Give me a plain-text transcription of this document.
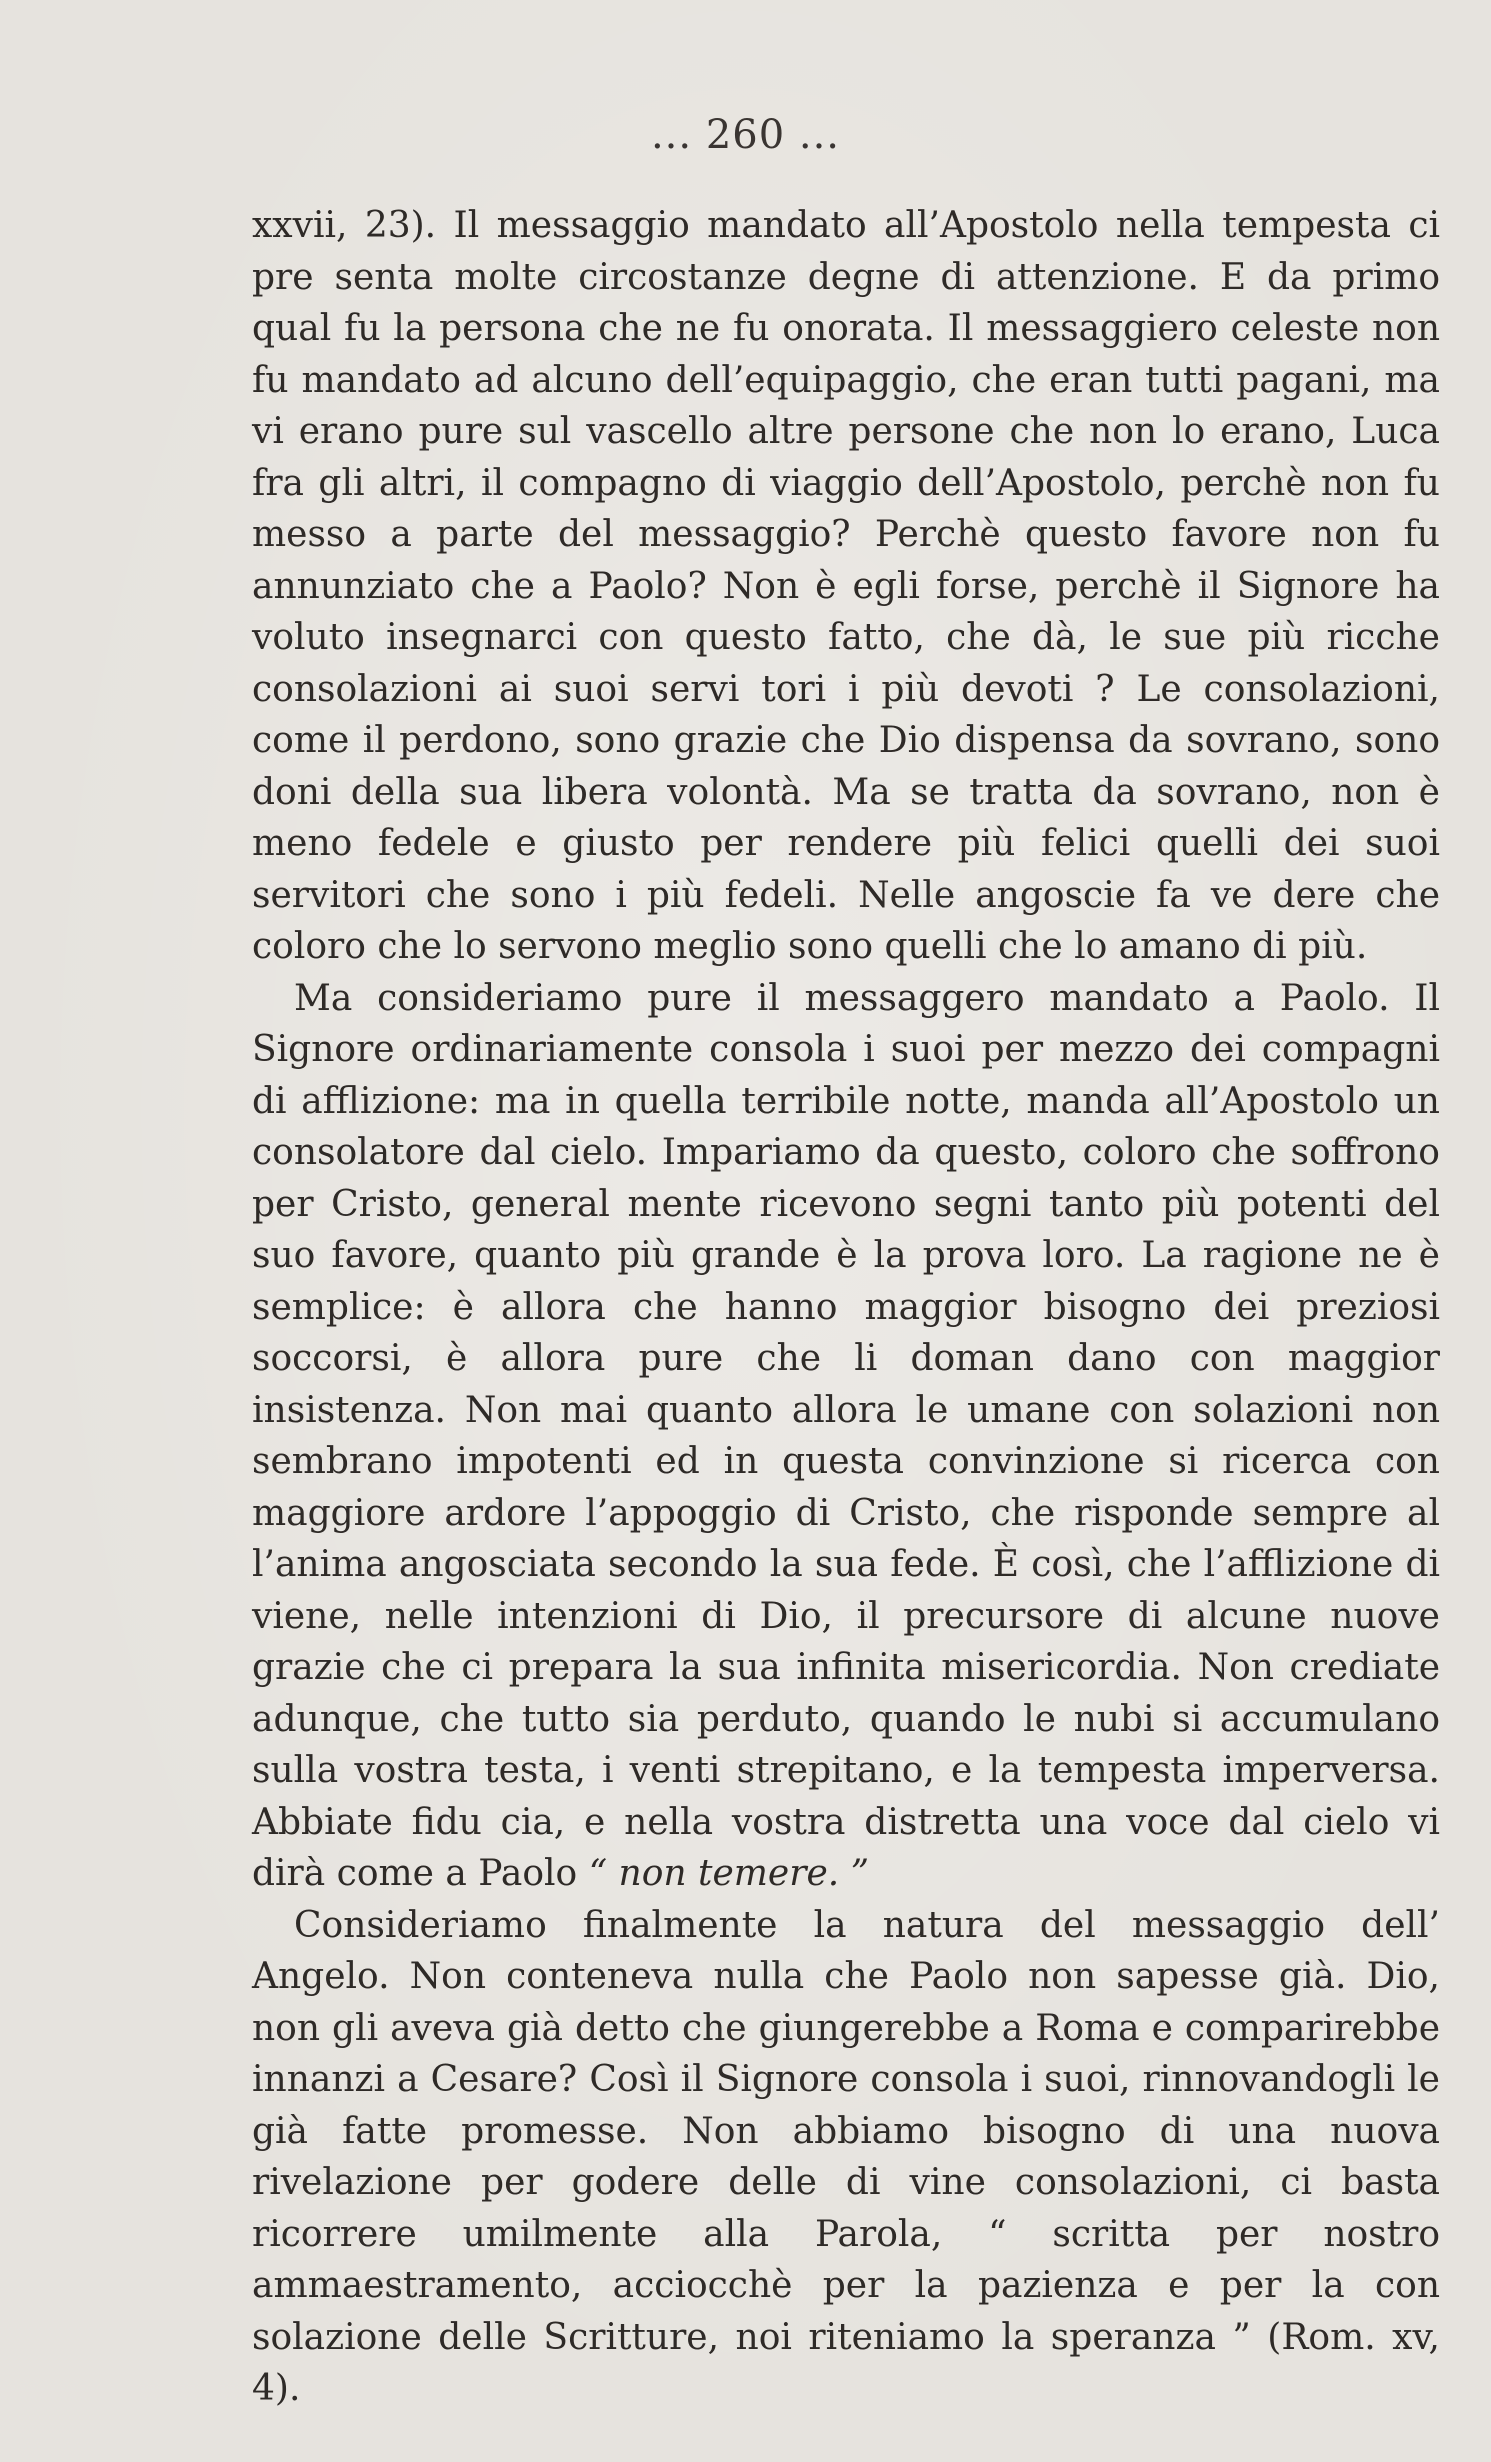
... 260 ...

xxvii, 23). Il messaggio mandato all’Apostolo nella tempesta ci pre senta molte circostanze degne di attenzione. E da primo qual fu la persona che ne fu onorata. Il messaggiero celeste non fu mandato ad alcuno dell’equipaggio, che eran tutti pagani, ma vi erano pure sul vascello altre persone che non lo erano, Luca fra gli altri, il compagno di viaggio dell’Apostolo, perchè non fu messo a parte del messaggio? Perchè questo favore non fu annunziato che a Paolo? Non è egli forse, perchè il Signore ha voluto insegnarci con questo fatto, che dà, le sue più ricche consolazioni ai suoi servi tori i più devoti ? Le consolazioni, come il perdono, sono grazie che Dio dispensa da sovrano, sono doni della sua libera volontà. Ma se tratta da sovrano, non è meno fedele e giusto per rendere più felici quelli dei suoi servitori che sono i più fedeli. Nelle angoscie fa ve dere che coloro che lo servono meglio sono quelli che lo amano di più.

Ma consideriamo pure il messaggero mandato a Paolo. Il Signore ordinariamente consola i suoi per mezzo dei compagni di afflizione: ma in quella terribile notte, manda all’Apostolo un consolatore dal cielo. Impariamo da questo, coloro che soffrono per Cristo, general mente ricevono segni tanto più potenti del suo favore, quanto più grande è la prova loro. La ragione ne è semplice: è allora che hanno maggior bisogno dei preziosi soccorsi, è allora pure che li doman dano con maggior insistenza. Non mai quanto allora le umane con solazioni non sembrano impotenti ed in questa convinzione si ricerca con maggiore ardore l’appoggio di Cristo, che risponde sempre al l’anima angosciata secondo la sua fede. È così, che l’afflizione di viene, nelle intenzioni di Dio, il precursore di alcune nuove grazie che ci prepara la sua infinita misericordia. Non crediate adunque, che tutto sia perduto, quando le nubi si accumulano sulla vostra testa, i venti strepitano, e la tempesta imperversa. Abbiate fidu cia, e nella vostra distretta una voce dal cielo vi dirà come a Paolo “ non temere. ”

Consideriamo finalmente la natura del messaggio dell’ Angelo. Non conteneva nulla che Paolo non sapesse già. Dio, non gli aveva già detto che giungerebbe a Roma e comparirebbe innanzi a Cesare? Così il Signore consola i suoi, rinnovandogli le già fatte promesse. Non abbiamo bisogno di una nuova rivelazione per godere delle di vine consolazioni, ci basta ricorrere umilmente alla Parola, “ scritta per nostro ammaestramento, acciocchè per la pazienza e per la con solazione delle Scritture, noi riteniamo la speranza ” (Rom. xv, 4).
